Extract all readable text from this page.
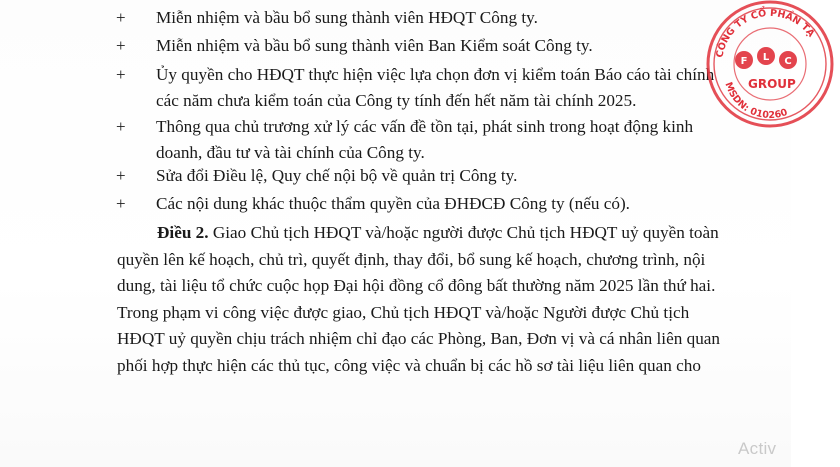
+	Miễn nhiệm và bầu bổ sung thành viên HĐQT Công ty.
+	Miễn nhiệm và bầu bổ sung thành viên Ban Kiểm soát Công ty.
+	Ủy quyền cho HĐQT thực hiện việc lựa chọn đơn vị kiểm toán Báo cáo tài chính
các năm chưa kiểm toán của Công ty tính đến hết năm tài chính 2025.
+	Thông qua chủ trương xử lý các vấn đề tồn tại, phát sinh trong hoạt động kinh
doanh, đầu tư và tài chính của Công ty.
+	Sửa đổi Điều lệ, Quy chế nội bộ về quản trị Công ty.
+	Các nội dung khác thuộc thẩm quyền của ĐHĐCĐ Công ty (nếu có).
Điều 2. Giao Chủ tịch HĐQT và/hoặc người được Chủ tịch HĐQT uỷ quyền toàn
quyền lên kế hoạch, chủ trì, quyết định, thay đổi, bổ sung kế hoạch, chương trình, nội
dung, tài liệu tổ chức cuộc họp Đại hội đồng cổ đông bất thường năm 2025 lần thứ hai.
Trong phạm vi công việc được giao, Chủ tịch HĐQT và/hoặc Người được Chủ tịch
HĐQT uỷ quyền chịu trách nhiệm chỉ đạo các Phòng, Ban, Đơn vị và cá nhân liên quan
phối hợp thực hiện các thủ tục, công việc và chuẩn bị các hồ sơ tài liệu liên quan cho
CÔNG TY CỔ PHẦN TẬ
F L C
GROUP
MSDN: 010260
Activ
